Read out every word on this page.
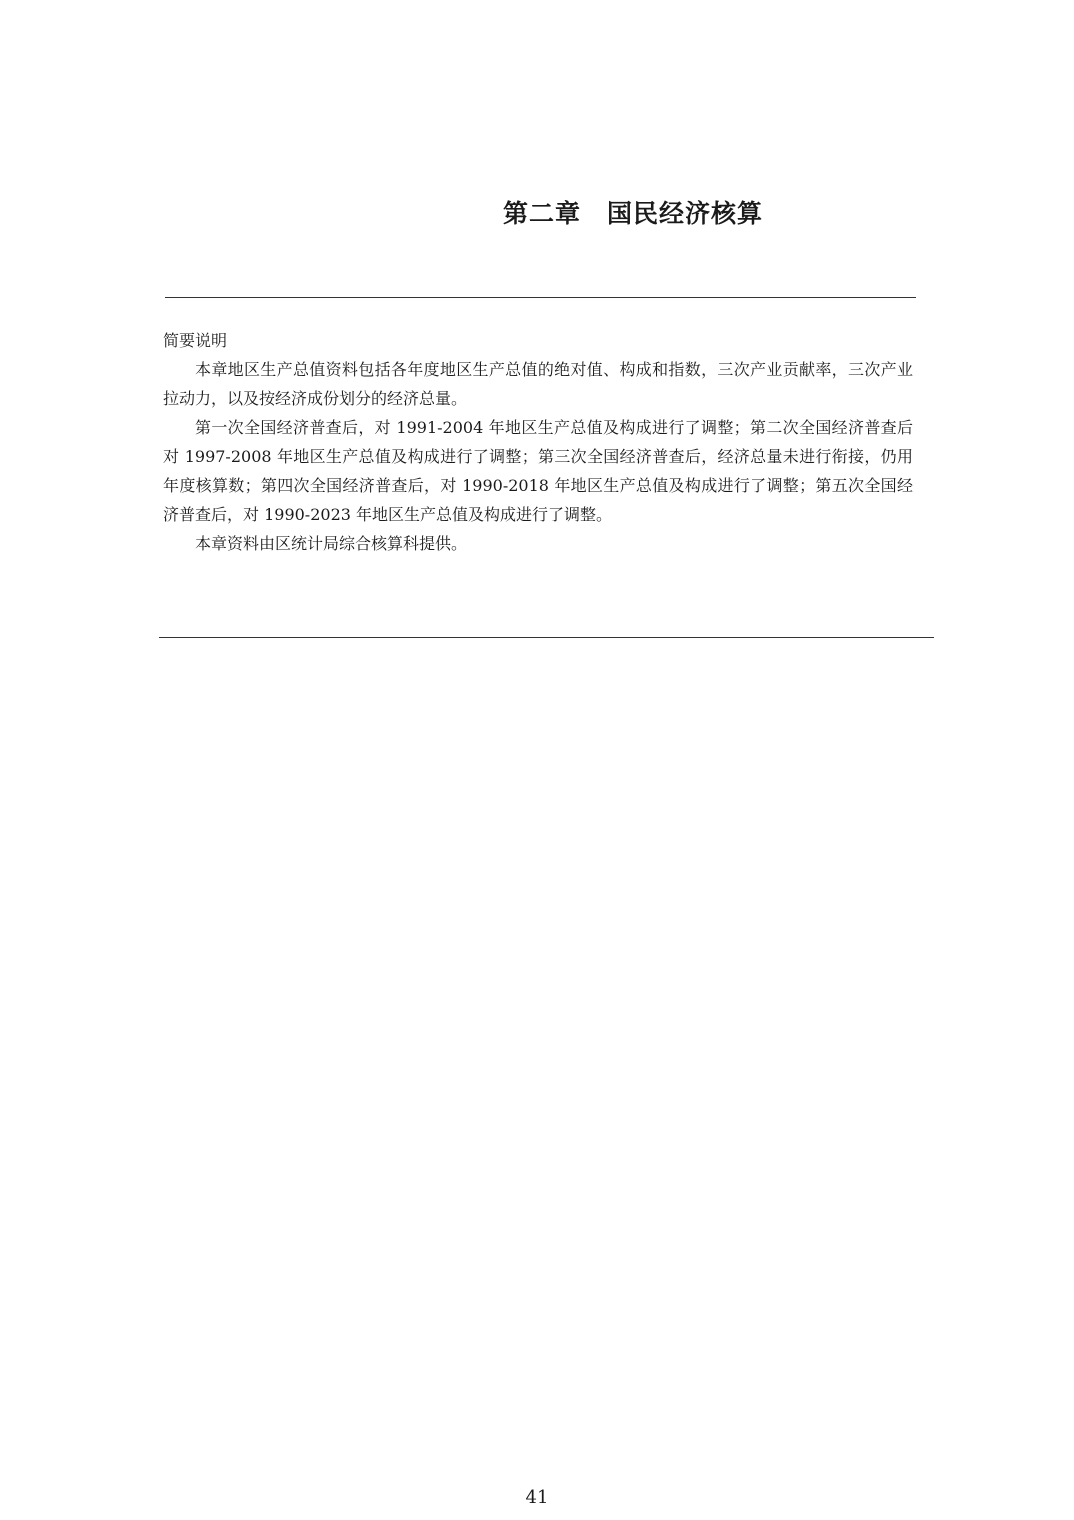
第二章　国民经济核算
简要说明

本章地区生产总值资料包括各年度地区生产总值的绝对值、构成和指数，三次产业贡献率，三次产业拉动力，以及按经济成份划分的经济总量。

第一次全国经济普查后，对 1991-2004 年地区生产总值及构成进行了调整；第二次全国经济普查后对 1997-2008 年地区生产总值及构成进行了调整；第三次全国经济普查后，经济总量未进行衔接，仍用年度核算数；第四次全国经济普查后，对 1990-2018 年地区生产总值及构成进行了调整；第五次全国经济普查后，对 1990-2023 年地区生产总值及构成进行了调整。

本章资料由区统计局综合核算科提供。

41
